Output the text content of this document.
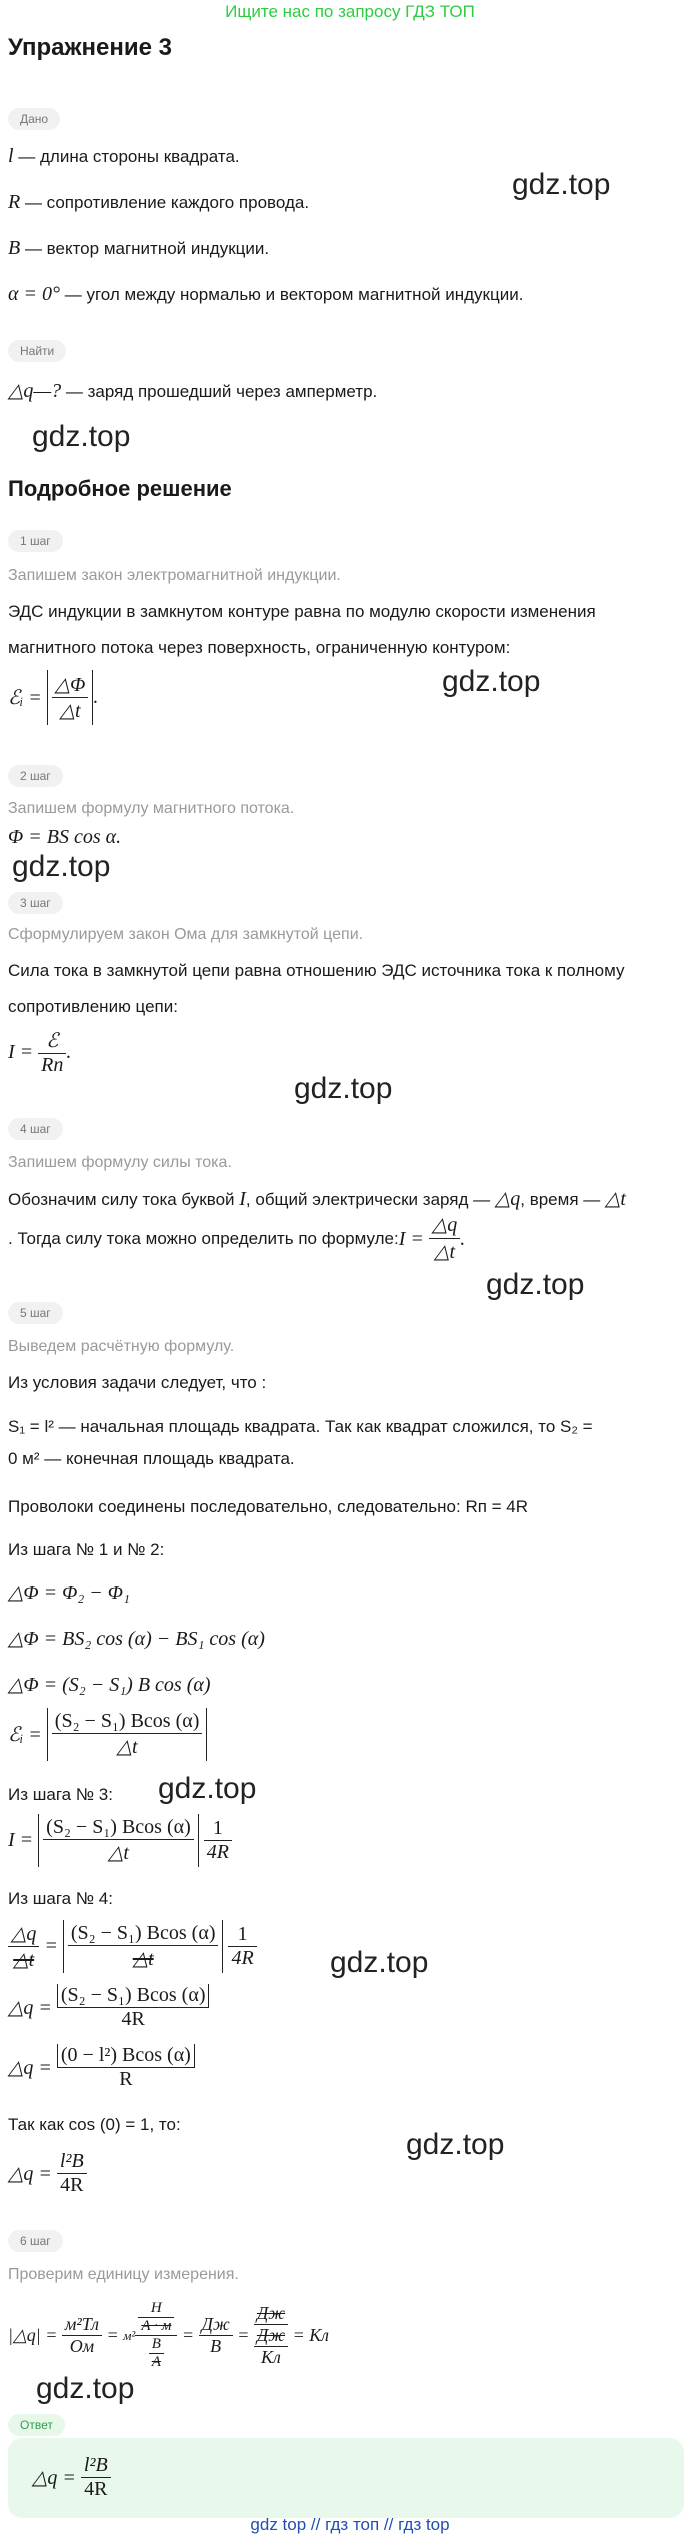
Ищите нас по запросу ГДЗ ТОП
Упражнение 3
Дано
l — длина стороны квадрата.
R — сопротивление каждого провода.
B — вектор магнитной индукции.
α = 0° — угол между нормалью и вектором магнитной индукции.
Найти
△q—? — заряд прошедший через амперметр.
gdz.top
gdz.top
Подробное решение
1 шаг
Запишем закон электромагнитной индукции.
ЭДС индукции в замкнутом контуре равна по модулю скорости изменения
магнитного потока через поверхность, ограниченную контуром:
ℰᵢ =
$\frac{\triangle\Phi}{\triangle t}$ .	gdz.top
2 шаг
Запишем формулу магнитного потока.
Φ = BS cos α.
gdz.top
3 шаг
Сформулируем закон Ома для замкнутой цепи.
Сила тока в замкнутой цепи равна отношению ЭДС источника тока к полному
сопротивлению цепи:
I =
ℰ
Rп
.
gdz.top
4 шаг
Запишем формулу силы тока.
Обозначим силу тока буквой I, общий электрически заряд — △q, время — △t
. Тогда силу тока можно определить по формуле: I =
$\frac{\triangle q}{\triangle t}$ .
gdz.top
5 шаг
Выведем расчётную формулу.
Из условия задачи следует, что :
S₁ = l² — начальная площадь квадрата. Так как квадрат сложился, то S₂ =
0 м² — конечная площадь квадрата.
Проволоки соединены последовательно, следовательно: Rп = 4R
Из шага № 1 и № 2:
△Φ = Φ₂ − Φ₁
△Φ = BS₂ cos (α) − BS₁ cos (α)
△Φ = (S₂ − S₁) B cos (α)
ℰᵢ =
$\frac{\text{(S₂ − S₁) Bcos (α)}}{\triangle t}$
Из шага № 3: gdz.top
I =
$\frac{\text{(S₂ − S₁) Bcos (α)}}{\triangle t}$
1
4R
Из шага № 4:
△q
△t
= $\frac{\text{(S₂ − S₁) Bcos (α)}}{\triangle t}$
1
4R	gdz.top
△q =
$\frac{\text{(S₂ − S₁) Bcos (α)}}{4R}$
△q =
$\frac{\text{(0 − l²) Bcos (α)}}{R}$
Так как cos (0) = 1, то:
△q =
$\frac{\text{l²B}}{4R}$
gdz.top
6 шаг
Проверим единицу измерения.
|△q| =

м²Тл
Ом
= м²
Н
А · м
В
А
=
Дж
В
=
Дж
Дж
Кл

= Кл
gdz.top
Ответ
△q =
$\frac{\text{l²B}}{4R}$
gdz top // гдз топ // гдз top
